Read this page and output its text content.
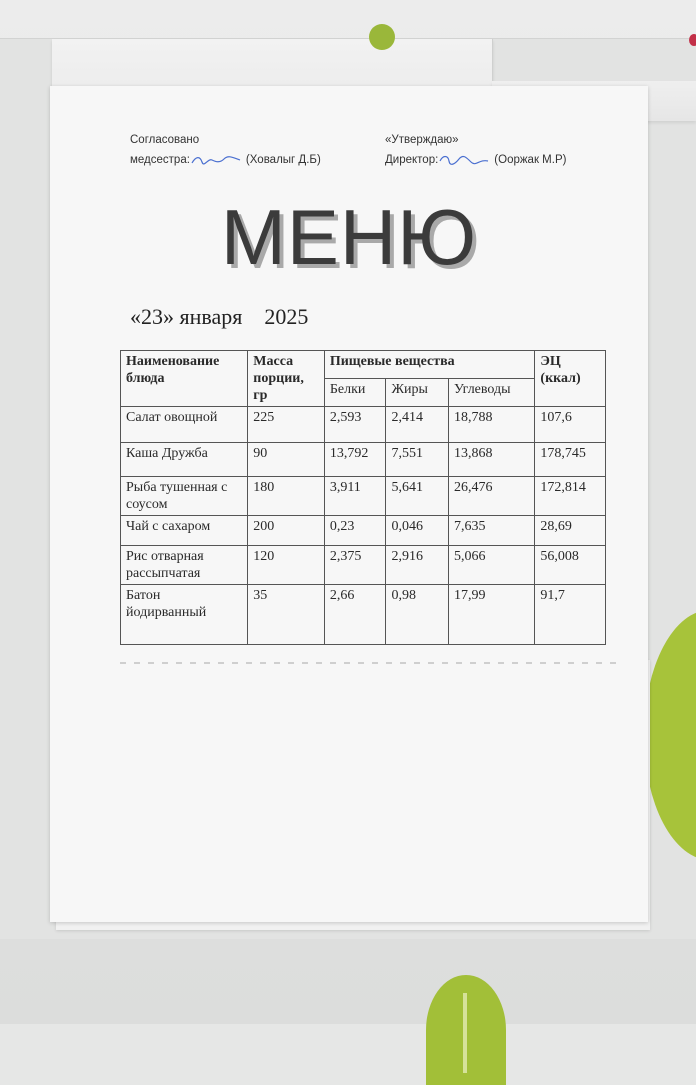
Согласовано	«Утверждаю»
медсестра:	(Ховалыг Д.Б)	Директор:	(Ооржак М.Р)
МЕНЮ
«23» января    2025
Наименование блюда	Масса порции, гр	Пищевые вещества			ЭЦ (ккал)
		Белки	Жиры	Углеводы	
Салат овощной	225	2,593	2,414	18,788	107,6
Каша Дружба	90	13,792	7,551	13,868	178,745
Рыба тушенная с соусом	180	3,911	5,641	26,476	172,814
Чай с сахаром	200	0,23	0,046	7,635	28,69
Рис отварная рассыпчатая	120	2,375	2,916	5,066	56,008
Батон йодирванный	35	2,66	0,98	17,99	91,7
